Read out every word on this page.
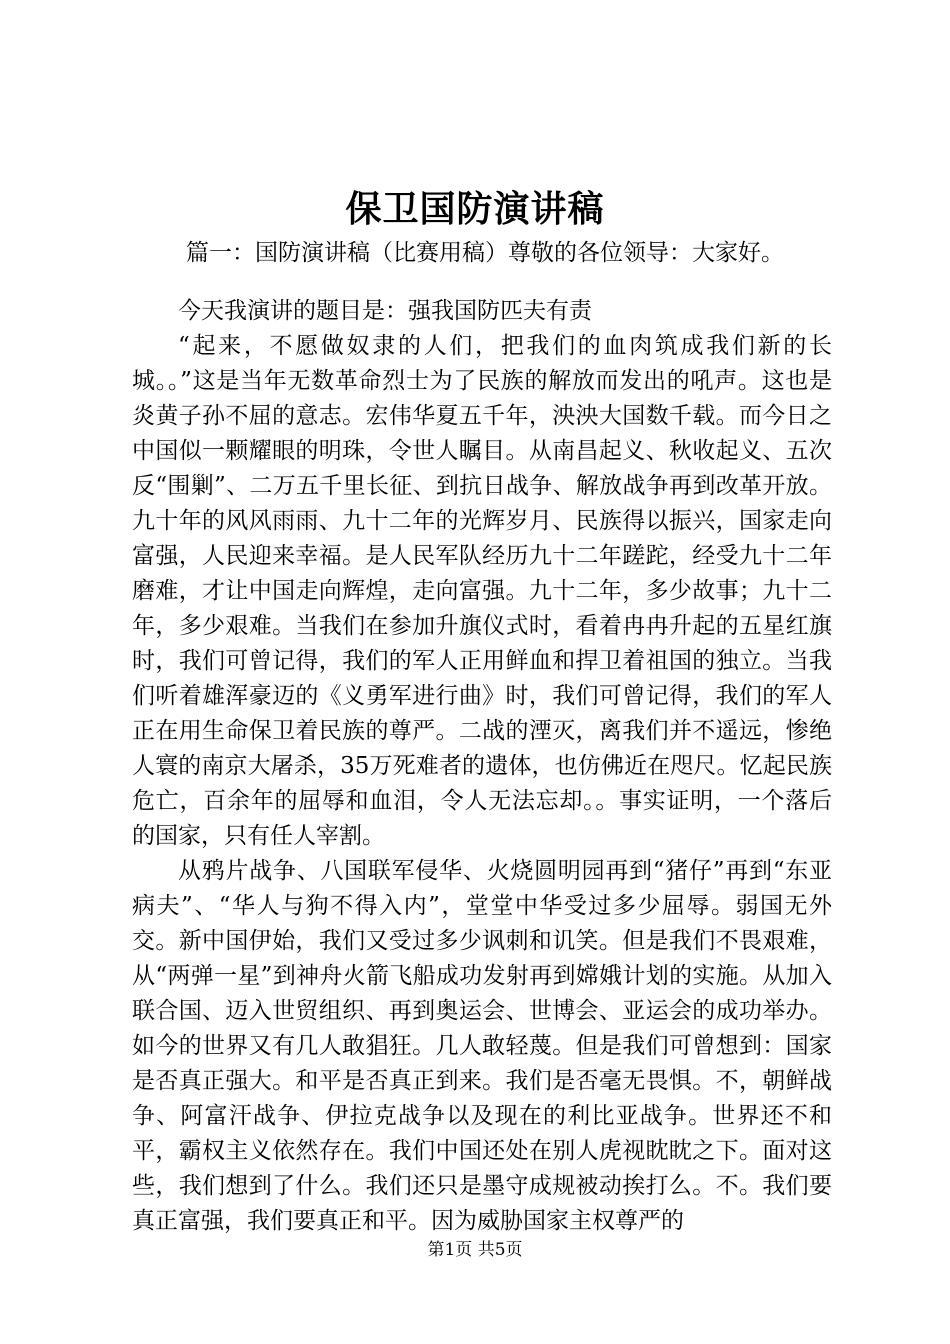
保卫国防演讲稿
篇一：国防演讲稿（比赛用稿）尊敬的各位领导：大家好。

今天我演讲的题目是：强我国防匹夫有责

“起来，不愿做奴隶的人们，把我们的血肉筑成我们新的长城。。”这是当年无数革命烈士为了民族的解放而发出的吼声。这也是炎黄子孙不屈的意志。宏伟华夏五千年，泱泱大国数千载。而今日之中国似一颗耀眼的明珠，令世人瞩目。从南昌起义、秋收起义、五次反“围剿”、二万五千里长征、到抗日战争、解放战争再到改革开放。九十年的风风雨雨、九十二年的光辉岁月、民族得以振兴，国家走向富强，人民迎来幸福。是人民军队经历九十二年蹉跎，经受九十二年磨难，才让中国走向辉煌，走向富强。九十二年，多少故事；九十二年，多少艰难。当我们在参加升旗仪式时，看着冉冉升起的五星红旗时，我们可曾记得，我们的军人正用鲜血和捍卫着祖国的独立。当我们听着雄浑豪迈的《义勇军进行曲》时，我们可曾记得，我们的军人正在用生命保卫着民族的尊严。二战的湮灭，离我们并不遥远，惨绝人寰的南京大屠杀，35万死难者的遗体，也仿佛近在咫尺。忆起民族危亡，百余年的屈辱和血泪，令人无法忘却。。事实证明，一个落后的国家，只有任人宰割。

从鸦片战争、八国联军侵华、火烧圆明园再到“猪仔”再到“东亚病夫”、“华人与狗不得入内”，堂堂中华受过多少屈辱。弱国无外交。新中国伊始，我们又受过多少讽刺和讥笑。但是我们不畏艰难，从“两弹一星”到神舟火箭飞船成功发射再到嫦娥计划的实施。从加入联合国、迈入世贸组织、再到奥运会、世博会、亚运会的成功举办。如今的世界又有几人敢猖狂。几人敢轻蔑。但是我们可曾想到：国家是否真正强大。和平是否真正到来。我们是否毫无畏惧。不，朝鲜战争、阿富汗战争、伊拉克战争以及现在的利比亚战争。世界还不和平，霸权主义依然存在。我们中国还处在别人虎视眈眈之下。面对这些，我们想到了什么。我们还只是墨守成规被动挨打么。不。我们要真正富强，我们要真正和平。因为威胁国家主权尊严的

第1页 共5页
